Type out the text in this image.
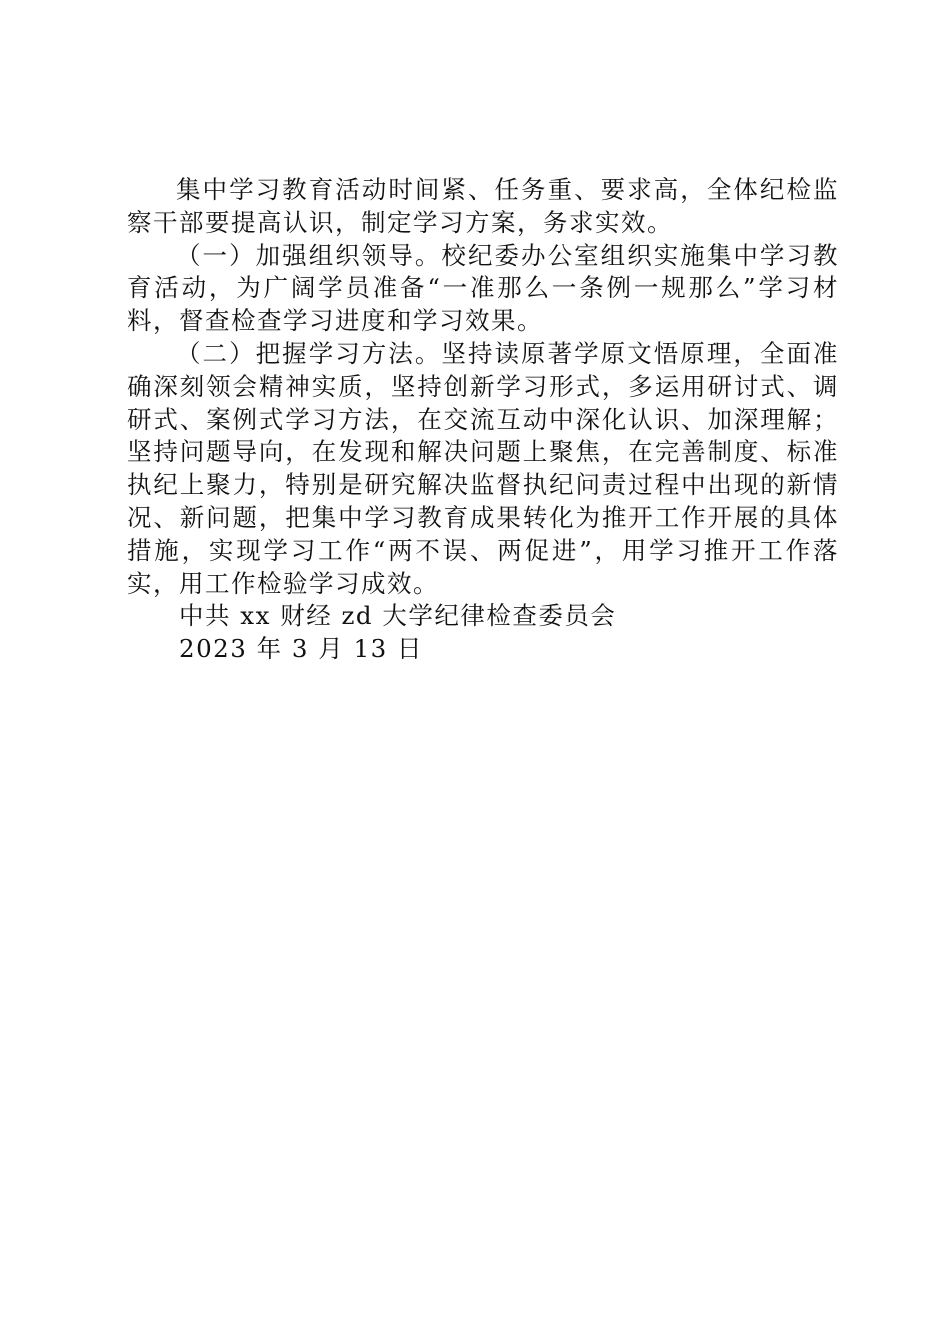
集中学习教育活动时间紧、任务重、要求高，全体纪检监察干部要提高认识，制定学习方案，务求实效。

（一）加强组织领导。校纪委办公室组织实施集中学习教育活动，为广阔学员准备“一准那么一条例一规那么”学习材料，督查检查学习进度和学习效果。

（二）把握学习方法。坚持读原著学原文悟原理，全面准确深刻领会精神实质，坚持创新学习形式，多运用研讨式、调研式、案例式学习方法，在交流互动中深化认识、加深理解；坚持问题导向，在发现和解决问题上聚焦，在完善制度、标准执纪上聚力，特别是研究解决监督执纪问责过程中出现的新情况、新问题，把集中学习教育成果转化为推开工作开展的具体措施，实现学习工作“两不误、两促进”，用学习推开工作落实，用工作检验学习成效。

中共 xx 财经 zd 大学纪律检查委员会

2023 年 3 月 13 日
